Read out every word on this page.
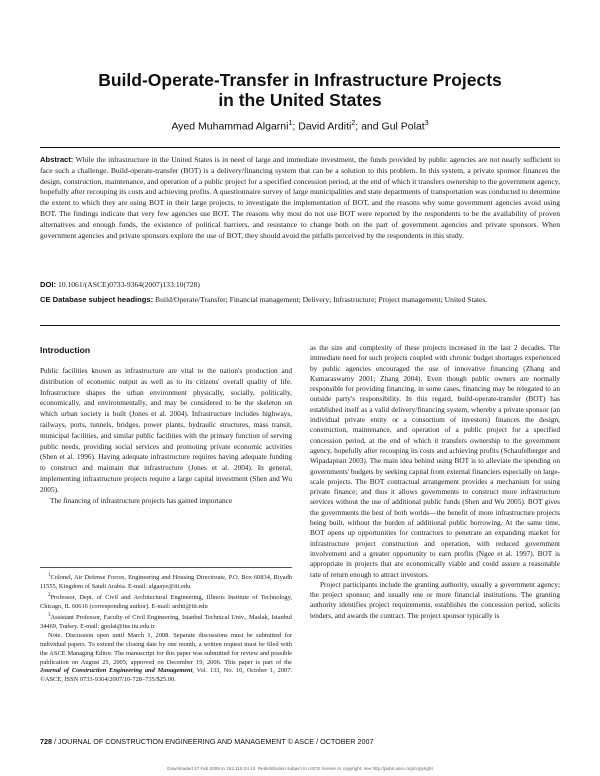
Build-Operate-Transfer in Infrastructure Projects
in the United States
Ayed Muhammad Algarni$^1$; David Arditi$^2$; and Gul Polat$^3$
Abstract: While the infrastructure in the United States is in need of large and immediate investment, the funds provided by public agencies are not nearly sufficient to face such a challenge. Build-operate-transfer (BOT) is a delivery/financing system that can be a solution to this problem. In this system, a private sponsor finances the design, construction, maintenance, and operation of a public project for a specified concession period, at the end of which it transfers ownership to the government agency, hopefully after recouping its costs and achieving profits. A questionnaire survey of large municipalities and state departments of transportation was conducted to determine the extent to which they are using BOT in their large projects, to investigate the implementation of BOT, and the reasons why some government agencies avoid using BOT. The findings indicate that very few agencies use BOT. The reasons why most do not use BOT were reported by the respondents to be the availability of proven alternatives and enough funds, the existence of political barriers, and resistance to change both on the part of government agencies and private sponsors. When government agencies and private sponsors explore the use of BOT, they should avoid the pitfalls perceived by the respondents in this study.
DOI: 10.1061/(ASCE)0733-9364(2007)133:10(728)
CE Database subject headings: Build/Operate/Transfer; Financial management; Delivery; Infrastructure; Project management; United States.
Introduction

Public facilities known as infrastructure are vital to the nation's production and distribution of economic output as well as to its citizens' overall quality of life. Infrastructure shapes the urban environment physically, socially, politically, economically, and environmentally, and may be considered to be the skeleton on which urban society is built (Jones et al. 2004). Infrastructure includes highways, railways, ports, tunnels, bridges, power plants, hydraulic structures, mass transit, municipal facilities, and similar public facilities with the primary function of serving public needs, providing social services and promoting private economic activities (Shen et al. 1996). Having adequate infrastructure requires having adequate funding to construct and maintain that infrastructure (Jones et al. 2004). In general, implementing infrastructure projects require a large capital investment (Shen and Wu 2005).

The financing of infrastructure projects has gained importance

$^1$Colonel, Air Defense Forces, Engineering and Housing Directorate, P.O. Box 60834, Riyadh 11555, Kingdom of Saudi Arabia. E-mail: algaaye@iit.edu
$^2$Professor, Dept. of Civil and Architectural Engineering, Illinois Institute of Technology, Chicago, IL 60616 (corresponding author). E-mail: arditi@iit.edu
$^3$Assistant Professor, Faculty of Civil Engineering, Istanbul Technical Univ., Maslak, Istanbul 34469, Turkey. E-mail: gpolat@ins.itu.edu.tr
Note. Discussion open until March 1, 2008. Separate discussions must be submitted for individual papers. To extend the closing date by one month, a written request must be filed with the ASCE Managing Editor. The manuscript for this paper was submitted for review and possible publication on August 25, 2005; approved on December 19, 2006. This paper is part of the Journal of Construction Engineering and Management, Vol. 133, No. 10, October 1, 2007. ©ASCE, ISSN 0733-9364/2007/10-728–735/$25.00.

as the size and complexity of these projects increased in the last 2 decades. The immediate need for such projects coupled with chronic budget shortages experienced by public agencies encouraged the use of innovative financing (Zhang and Kumaraswamy 2001; Zhang 2004). Even though public owners are normally responsible for providing financing, in some cases, financing may be relegated to an outside party's responsibility. In this regard, build-operate-transfer (BOT) has established itself as a valid delivery/financing system, whereby a private sponsor (an individual private entity or a consortium of investors) finances the design, construction, maintenance, and operation of a public project for a specified concession period, at the end of which it transfers ownership to the government agency, hopefully after recouping its costs and achieving profits (Schaufelberger and Wipadapisut 2003). The main idea behind using BOT is to alleviate the spending on governments' budgets by seeking capital from external financiers especially on large-scale projects. The BOT contractual arrangement provides a mechanism for using private finance; and thus it allows governments to construct more infrastructure services without the use of additional public funds (Shen and Wu 2005). BOT gives the governments the best of both worlds—the benefit of more infrastructure projects being built, without the burden of additional public borrowing. At the same time, BOT opens up opportunities for contractors to penetrate an expanding market for infrastructure project construction and operation, with reduced government involvement and a greater opportunity to earn profits (Ngee et al. 1997). BOT is appropriate in projects that are economically viable and could assure a reasonable rate of return enough to attract investors.

Project participants include the granting authority, usually a government agency; the project sponsor; and usually one or more financial institutions. The granting authority identifies project requirements, establishes the concession period, solicits tenders, and awards the contract. The project sponsor typically is

728 / JOURNAL OF CONSTRUCTION ENGINEERING AND MANAGEMENT © ASCE / OCTOBER 2007
Downloaded 27 Feb 2009 to 152.118.24.10. Redistribution subject to ASCE license or copyright; see http://pubs.asce.org/copyright
